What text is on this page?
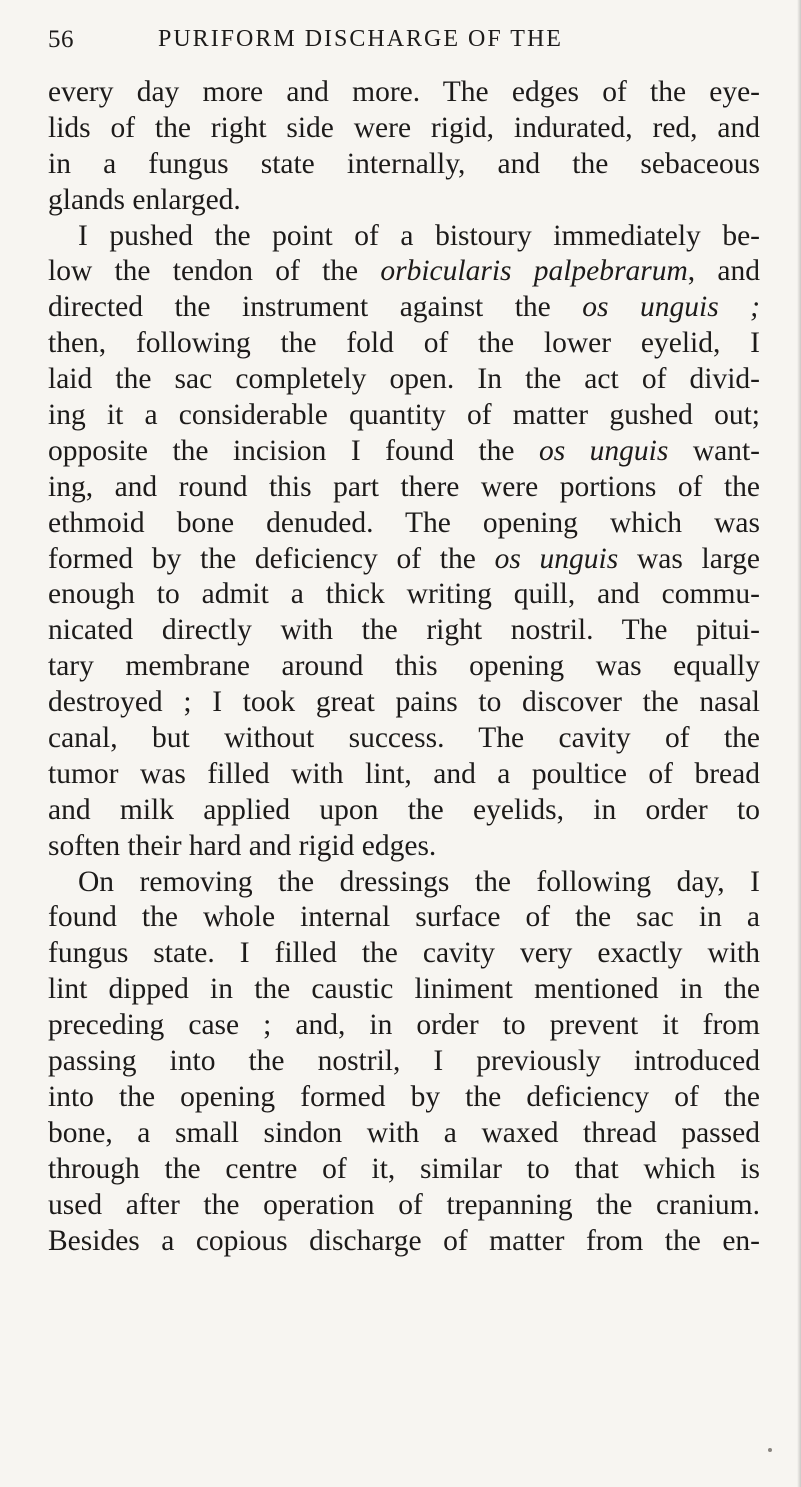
56	PURIFORM DISCHARGE OF THE
every day more and more. The edges of the eye-
lids of the right side were rigid, indurated, red, and
in a fungus state internally, and the sebaceous
glands enlarged.
I pushed the point of a bistoury immediately be-
low the tendon of the orbicularis palpebrarum, and
directed the instrument against the os unguis ;
then, following the fold of the lower eyelid, I
laid the sac completely open. In the act of divid-
ing it a considerable quantity of matter gushed out;
opposite the incision I found the os unguis want-
ing, and round this part there were portions of the
ethmoid bone denuded. The opening which was
formed by the deficiency of the os unguis was large
enough to admit a thick writing quill, and commu-
nicated directly with the right nostril. The pitui-
tary membrane around this opening was equally
destroyed ; I took great pains to discover the nasal
canal, but without success. The cavity of the
tumor was filled with lint, and a poultice of bread
and milk applied upon the eyelids, in order to
soften their hard and rigid edges.
On removing the dressings the following day, I
found the whole internal surface of the sac in a
fungus state. I filled the cavity very exactly with
lint dipped in the caustic liniment mentioned in the
preceding case ; and, in order to prevent it from
passing into the nostril, I previously introduced
into the opening formed by the deficiency of the
bone, a small sindon with a waxed thread passed
through the centre of it, similar to that which is
used after the operation of trepanning the cranium.
Besides a copious discharge of matter from the en-
